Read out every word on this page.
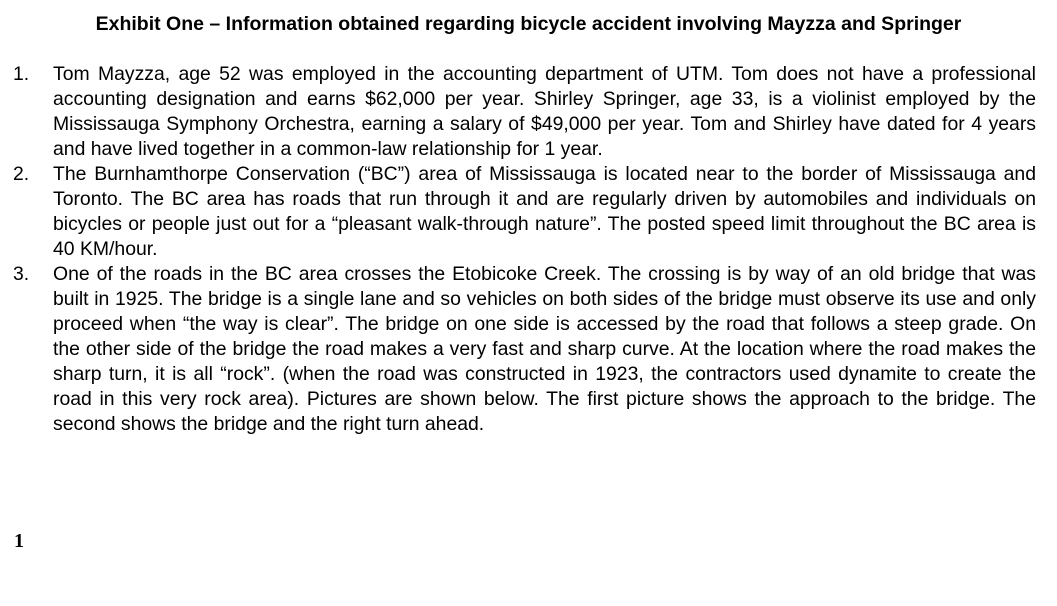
Exhibit One – Information obtained regarding bicycle accident involving Mayzza and Springer
1.	Tom Mayzza, age 52 was employed in the accounting department of UTM. Tom does not have a professional accounting designation and earns $62,000 per year. Shirley Springer, age 33, is a violinist employed by the Mississauga Symphony Orchestra, earning a salary of $49,000 per year. Tom and Shirley have dated for 4 years and have lived together in a common-law relationship for 1 year.
2.	The Burnhamthorpe Conservation (“BC”) area of Mississauga is located near to the border of Mississauga and Toronto. The BC area has roads that run through it and are regularly driven by automobiles and individuals on bicycles or people just out for a “pleasant walk-through nature”. The posted speed limit throughout the BC area is 40 KM/hour.
3.	One of the roads in the BC area crosses the Etobicoke Creek. The crossing is by way of an old bridge that was built in 1925. The bridge is a single lane and so vehicles on both sides of the bridge must observe its use and only proceed when “the way is clear”. The bridge on one side is accessed by the road that follows a steep grade. On the other side of the bridge the road makes a very fast and sharp curve. At the location where the road makes the sharp turn, it is all “rock”. (when the road was constructed in 1923, the contractors used dynamite to create the road in this very rock area). Pictures are shown below. The first picture shows the approach to the bridge. The second shows the bridge and the right turn ahead.
1
